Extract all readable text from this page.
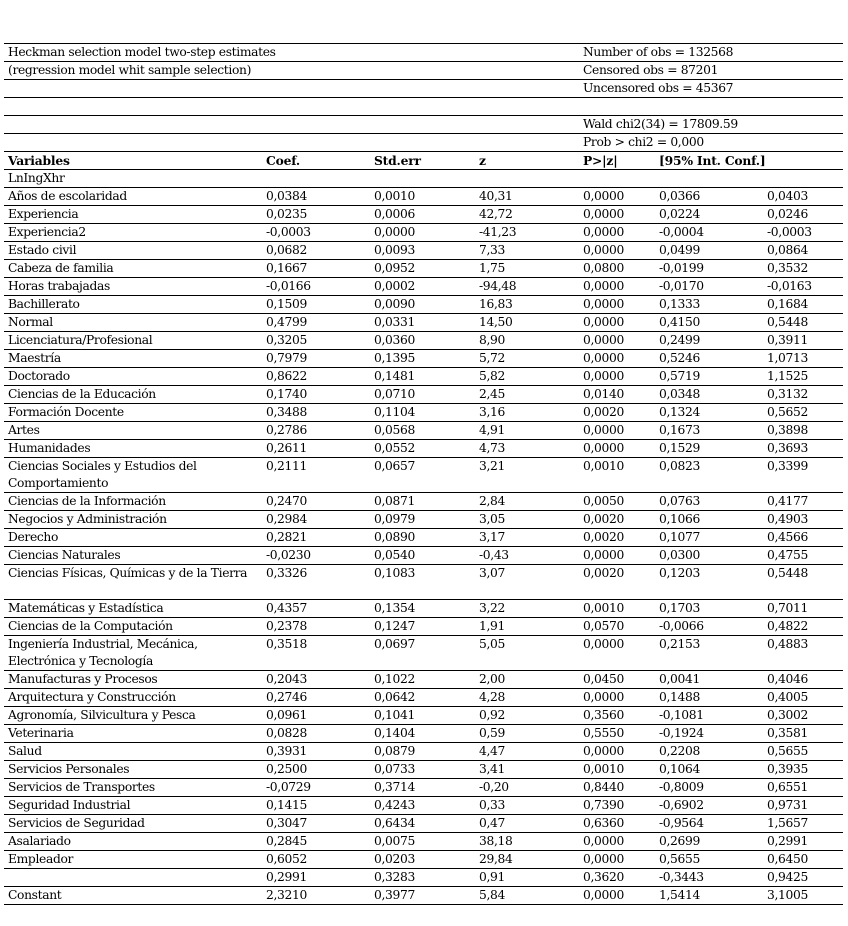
Heckman selection model two-step estimates	Number of obs = 132568
(regression model whit sample selection)	Censored obs = 87201
Uncensored obs = 45367
Wald chi2(34) = 17809.59
Prob > chi2 = 0,000
Variables	Coef.	Std.err	z	P>|z|	[95% Int. Conf.]
LnIngXhr
Años de escolaridad	0,0384	0,0010	40,31	0,0000	0,0366	0,0403
Experiencia	0,0235	0,0006	42,72	0,0000	0,0224	0,0246
Experiencia2	-0,0003	0,0000	-41,23	0,0000	-0,0004	-0,0003
Estado civil	0,0682	0,0093	7,33	0,0000	0,0499	0,0864
Cabeza de familia	0,1667	0,0952	1,75	0,0800	-0,0199	0,3532
Horas trabajadas	-0,0166	0,0002	-94,48	0,0000	-0,0170	-0,0163
Bachillerato	0,1509	0,0090	16,83	0,0000	0,1333	0,1684
Normal	0,4799	0,0331	14,50	0,0000	0,4150	0,5448
Licenciatura/Profesional	0,3205	0,0360	8,90	0,0000	0,2499	0,3911
Maestría	0,7979	0,1395	5,72	0,0000	0,5246	1,0713
Doctorado	0,8622	0,1481	5,82	0,0000	0,5719	1,1525
Ciencias de la Educación	0,1740	0,0710	2,45	0,0140	0,0348	0,3132
Formación Docente	0,3488	0,1104	3,16	0,0020	0,1324	0,5652
Artes	0,2786	0,0568	4,91	0,0000	0,1673	0,3898
Humanidades	0,2611	0,0552	4,73	0,0000	0,1529	0,3693
Ciencias Sociales y Estudios del Comportamiento
0,2111	0,0657	3,21	0,0010	0,0823	0,3399
Ciencias de la Información	0,2470	0,0871	2,84	0,0050	0,0763	0,4177
Negocios y Administración	0,2984	0,0979	3,05	0,0020	0,1066	0,4903
Derecho	0,2821	0,0890	3,17	0,0020	0,1077	0,4566
Ciencias Naturales	-0,0230	0,0540	-0,43	0,0000	0,0300	0,4755
Ciencias Físicas, Químicas y de la Tierra 0,3326	0,1083	3,07	0,0020	0,1203	0,5448
Matemáticas y Estadística	0,4357	0,1354	3,22	0,0010	0,1703	0,7011
Ciencias de la Computación	0,2378	0,1247	1,91	0,0570	-0,0066	0,4822
Ingeniería Industrial, Mecánica, Electrónica y Tecnología
0,3518	0,0697	5,05	0,0000	0,2153	0,4883
Manufacturas y Procesos	0,2043	0,1022	2,00	0,0450	0,0041	0,4046
Arquitectura y Construcción	0,2746	0,0642	4,28	0,0000	0,1488	0,4005
Agronomía, Silvicultura y Pesca	0,0961	0,1041	0,92	0,3560	-0,1081	0,3002
Veterinaria	0,0828	0,1404	0,59	0,5550	-0,1924	0,3581
Salud	0,3931	0,0879	4,47	0,0000	0,2208	0,5655
Servicios Personales	0,2500	0,0733	3,41	0,0010	0,1064	0,3935
Servicios de Transportes	-0,0729	0,3714	-0,20	0,8440	-0,8009	0,6551
Seguridad Industrial	0,1415	0,4243	0,33	0,7390	-0,6902	0,9731
Servicios de Seguridad	0,3047	0,6434	0,47	0,6360	-0,9564	1,5657
Asalariado	0,2845	0,0075	38,18	0,0000	0,2699	0,2991
Empleador	0,6052	0,0203	29,84	0,0000	0,5655	0,6450
0,2991	0,3283	0,91	0,3620	-0,3443	0,9425
Constant	2,3210	0,3977	5,84	0,0000	1,5414	3,1005
